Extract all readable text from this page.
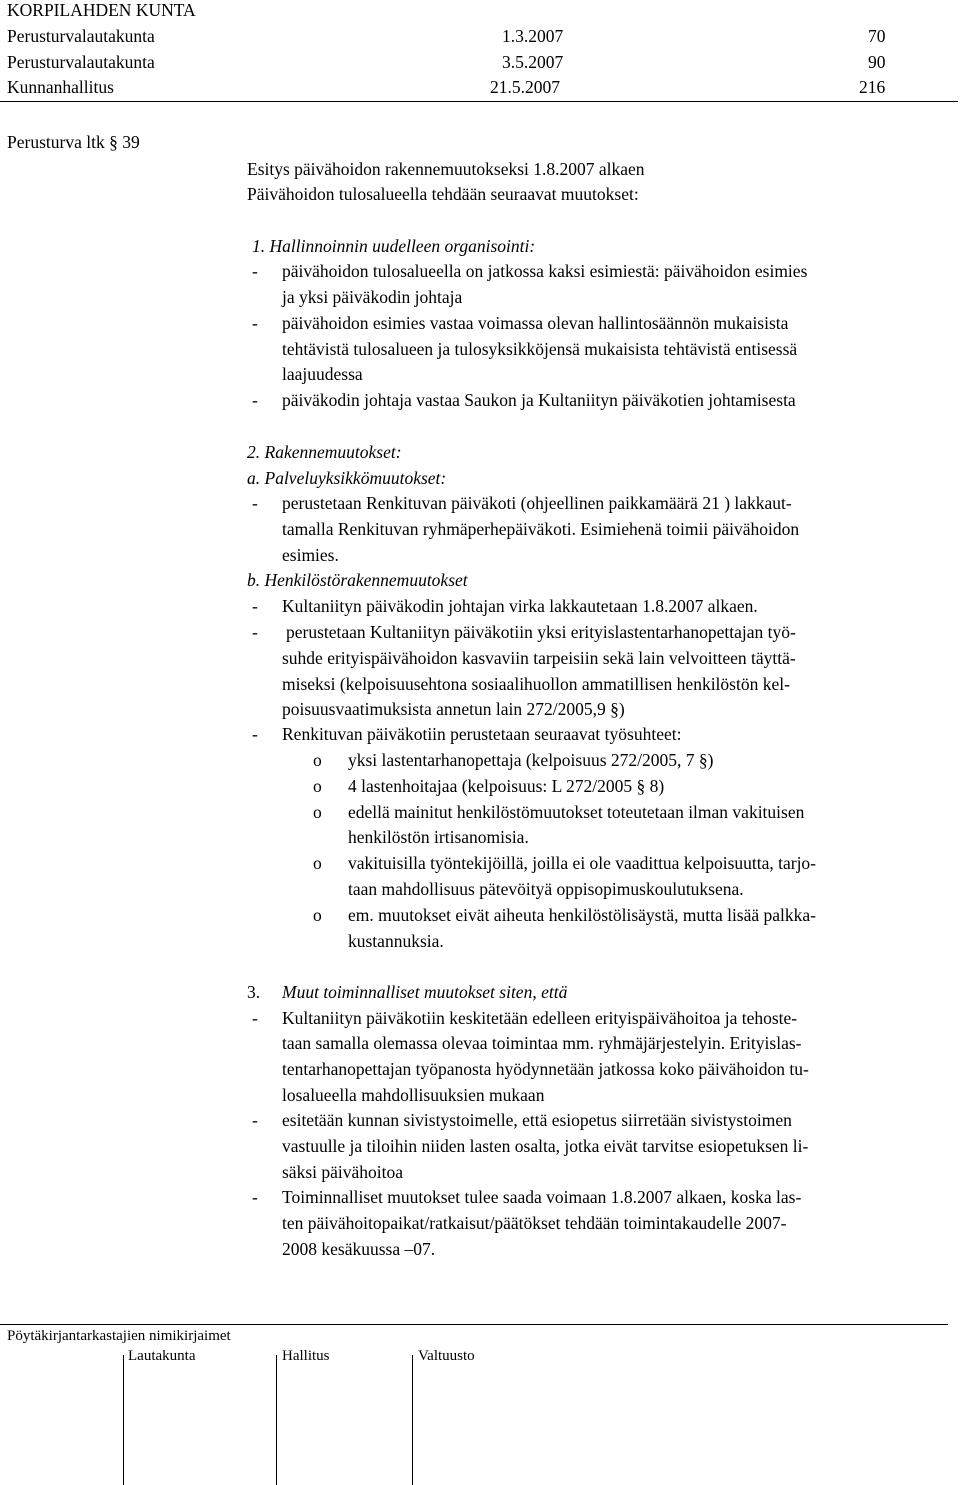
KORPILAHDEN KUNTA
Perusturvalautakunta	1.3.2007	70
Perusturvalautakunta	3.5.2007	90
Kunnanhallitus	21.5.2007	216
Perusturva ltk § 39
Esitys päivähoidon rakennemuutokseksi 1.8.2007 alkaen
Päivähoidon tulosalueella tehdään seuraavat muutokset:
1. Hallinnoinnin uudelleen organisointi:
- päivähoidon tulosalueella on jatkossa kaksi esimiestä: päivähoidon esimies
ja yksi päiväkodin johtaja
- päivähoidon esimies vastaa voimassa olevan hallintosäännön mukaisista
tehtävistä tulosalueen ja tulosyksikköjensä mukaisista tehtävistä entisessä
laajuudessa
- päiväkodin johtaja vastaa Saukon ja Kultaniityn päiväkotien johtamisesta
2. Rakennemuutokset:
a. Palveluyksikkömuutokset:
- perustetaan Renkituvan päiväkoti (ohjeellinen paikkamäärä 21 ) lakkaut-
tamalla Renkituvan ryhmäperhepäiväkoti. Esimiehenä toimii päivähoidon
esimies.
b. Henkilöstörakennemuutokset
- Kultaniityn päiväkodin johtajan virka lakkautetaan 1.8.2007 alkaen.
- perustetaan Kultaniityn päiväkotiin yksi erityislastentarhanopettajan työ-
suhde erityispäivähoidon kasvaviin tarpeisiin sekä lain velvoitteen täyttä-
miseksi (kelpoisuusehtona sosiaalihuollon ammatillisen henkilöstön kel-
poisuusvaatimuksista annetun lain 272/2005,9 §)
- Renkituvan päiväkotiin perustetaan seuraavat työsuhteet:
o yksi lastentarhanopettaja (kelpoisuus 272/2005, 7 §)
o 4 lastenhoitajaa (kelpoisuus: L 272/2005 § 8)
o edellä mainitut henkilöstömuutokset toteutetaan ilman vakituisen
henkilöstön irtisanomisia.
o vakituisilla työntekijöillä, joilla ei ole vaadittua kelpoisuutta, tarjo-
taan mahdollisuus pätevöityä oppisopimuskoulutuksena.
o em. muutokset eivät aiheuta henkilöstölisäystä, mutta lisää palkka-
kustannuksia.
3. Muut toiminnalliset muutokset siten, että
- Kultaniityn päiväkotiin keskitetään edelleen erityispäivähoitoa ja tehoste-
taan samalla olemassa olevaa toimintaa mm. ryhmäjärjestelyin. Erityislas-
tentarhanopettajan työpanosta hyödynnetään jatkossa koko päivähoidon tu-
losalueella mahdollisuuksien mukaan
- esitetään kunnan sivistystoimelle, että esiopetus siirretään sivistystoimen
vastuulle ja tiloihin niiden lasten osalta, jotka eivät tarvitse esiopetuksen li-
säksi päivähoitoa
- Toiminnalliset muutokset tulee saada voimaan 1.8.2007 alkaen, koska las-
ten päivähoitopaikat/ratkaisut/päätökset tehdään toimintakaudelle 2007-
2008 kesäkuussa –07.
Pöytäkirjantarkastajien nimikirjaimet
Lautakunta	Hallitus	Valtuusto
